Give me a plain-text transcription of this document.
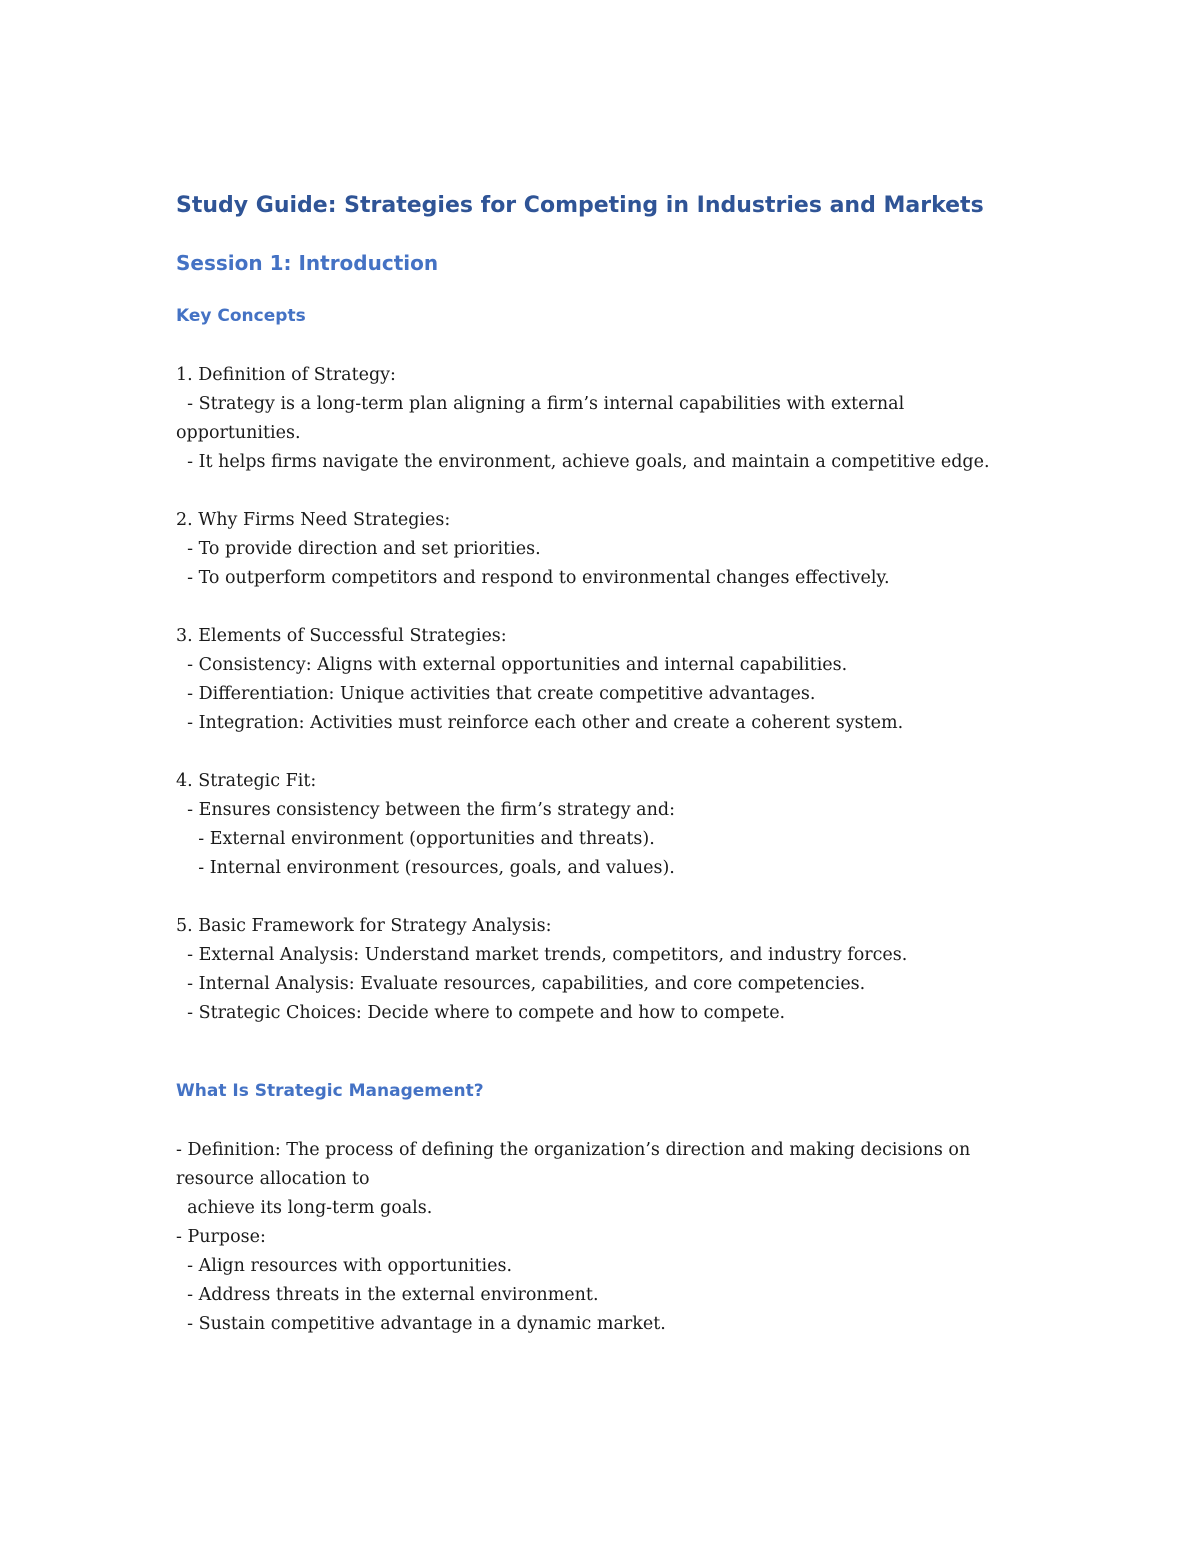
Study Guide: Strategies for Competing in Industries and Markets
Session 1: Introduction
Key Concepts
1. Definition of Strategy:
- Strategy is a long-term plan aligning a firm’s internal capabilities with external
opportunities.
- It helps firms navigate the environment, achieve goals, and maintain a competitive edge.
2. Why Firms Need Strategies:
- To provide direction and set priorities.
- To outperform competitors and respond to environmental changes effectively.
3. Elements of Successful Strategies:
- Consistency: Aligns with external opportunities and internal capabilities.
- Differentiation: Unique activities that create competitive advantages.
- Integration: Activities must reinforce each other and create a coherent system.
4. Strategic Fit:
- Ensures consistency between the firm’s strategy and:
- External environment (opportunities and threats).
- Internal environment (resources, goals, and values).
5. Basic Framework for Strategy Analysis:
- External Analysis: Understand market trends, competitors, and industry forces.
- Internal Analysis: Evaluate resources, capabilities, and core competencies.
- Strategic Choices: Decide where to compete and how to compete.
What Is Strategic Management?
- Definition: The process of defining the organization’s direction and making decisions on
resource allocation to
achieve its long-term goals.
- Purpose:
- Align resources with opportunities.
- Address threats in the external environment.
- Sustain competitive advantage in a dynamic market.
